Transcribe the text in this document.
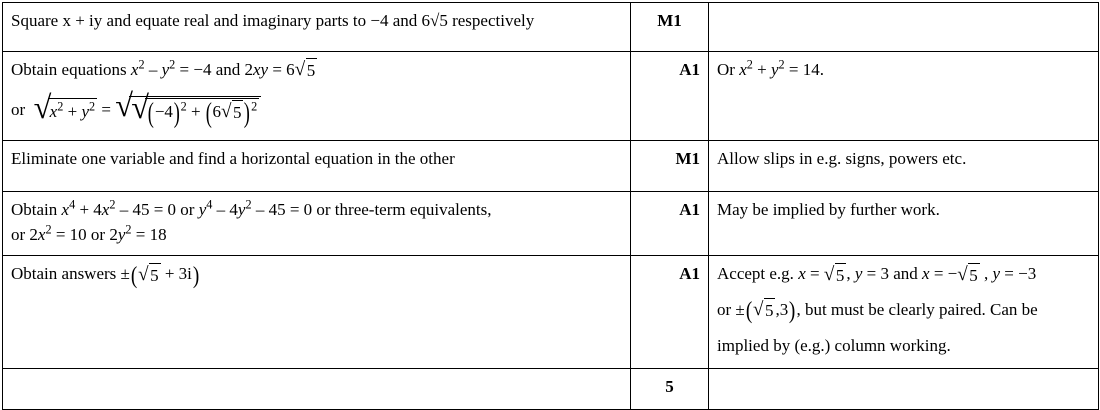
Square x + iy and equate real and imaginary parts to −4 and 6√5 respectively	M1	

Obtain equations $x^2 - y^2 = -4$ and 2xy = 6 √ 5
or  √ $x^2 + y^2$ = √ √ $(-4)^2 + (6$ √ 5 )$^2$	A1	Or $x^2 + y^2 = 14$.

Eliminate one variable and find a horizontal equation in the other	M1	Allow slips in e.g. signs, powers etc.

Obtain $x^4 + 4x^2 - 45 = 0$ or $y^4 - 4y^2 - 45 = 0$ or three-term equivalents,
or $2x^2 = 10$ or $2y^2 = 18$	A1	May be implied by further work.

Obtain answers ±( √ 5 + 3i)	A1	Accept e.g. x = √ 5 , y = 3 and x = − √ 5 , y = −3
or ±( √ 5 ,3), but must be clearly paired. Can be
implied by (e.g.) column working.

	5	
